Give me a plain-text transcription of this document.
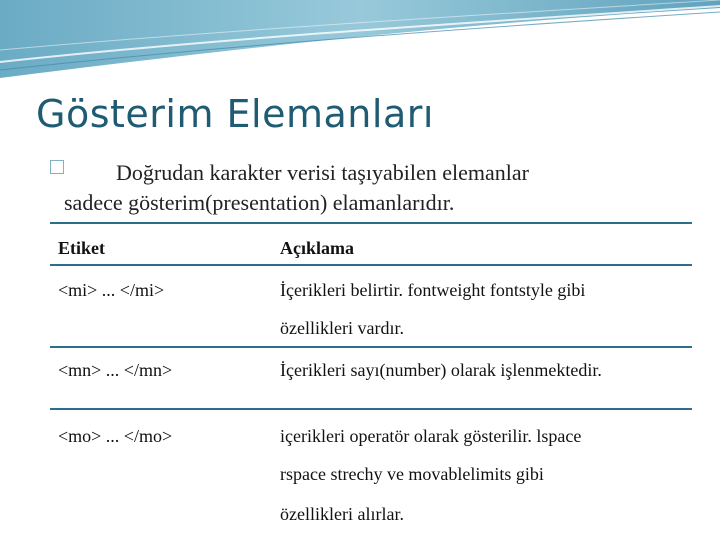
Gösterim Elemanları
Doğrudan karakter verisi taşıyabilen elemanlar
sadece gösterim(presentation) elamanlarıdır.
Etiket	Açıklama
<mi> ... </mi>	İçerikleri belirtir. fontweight fontstyle gibi
özellikleri vardır.
<mn> ... </mn>	İçerikleri sayı(number) olarak işlenmektedir.
<mo> ... </mo>	içerikleri operatör olarak gösterilir. lspace
rspace strechy ve movablelimits gibi
özellikleri alırlar.
